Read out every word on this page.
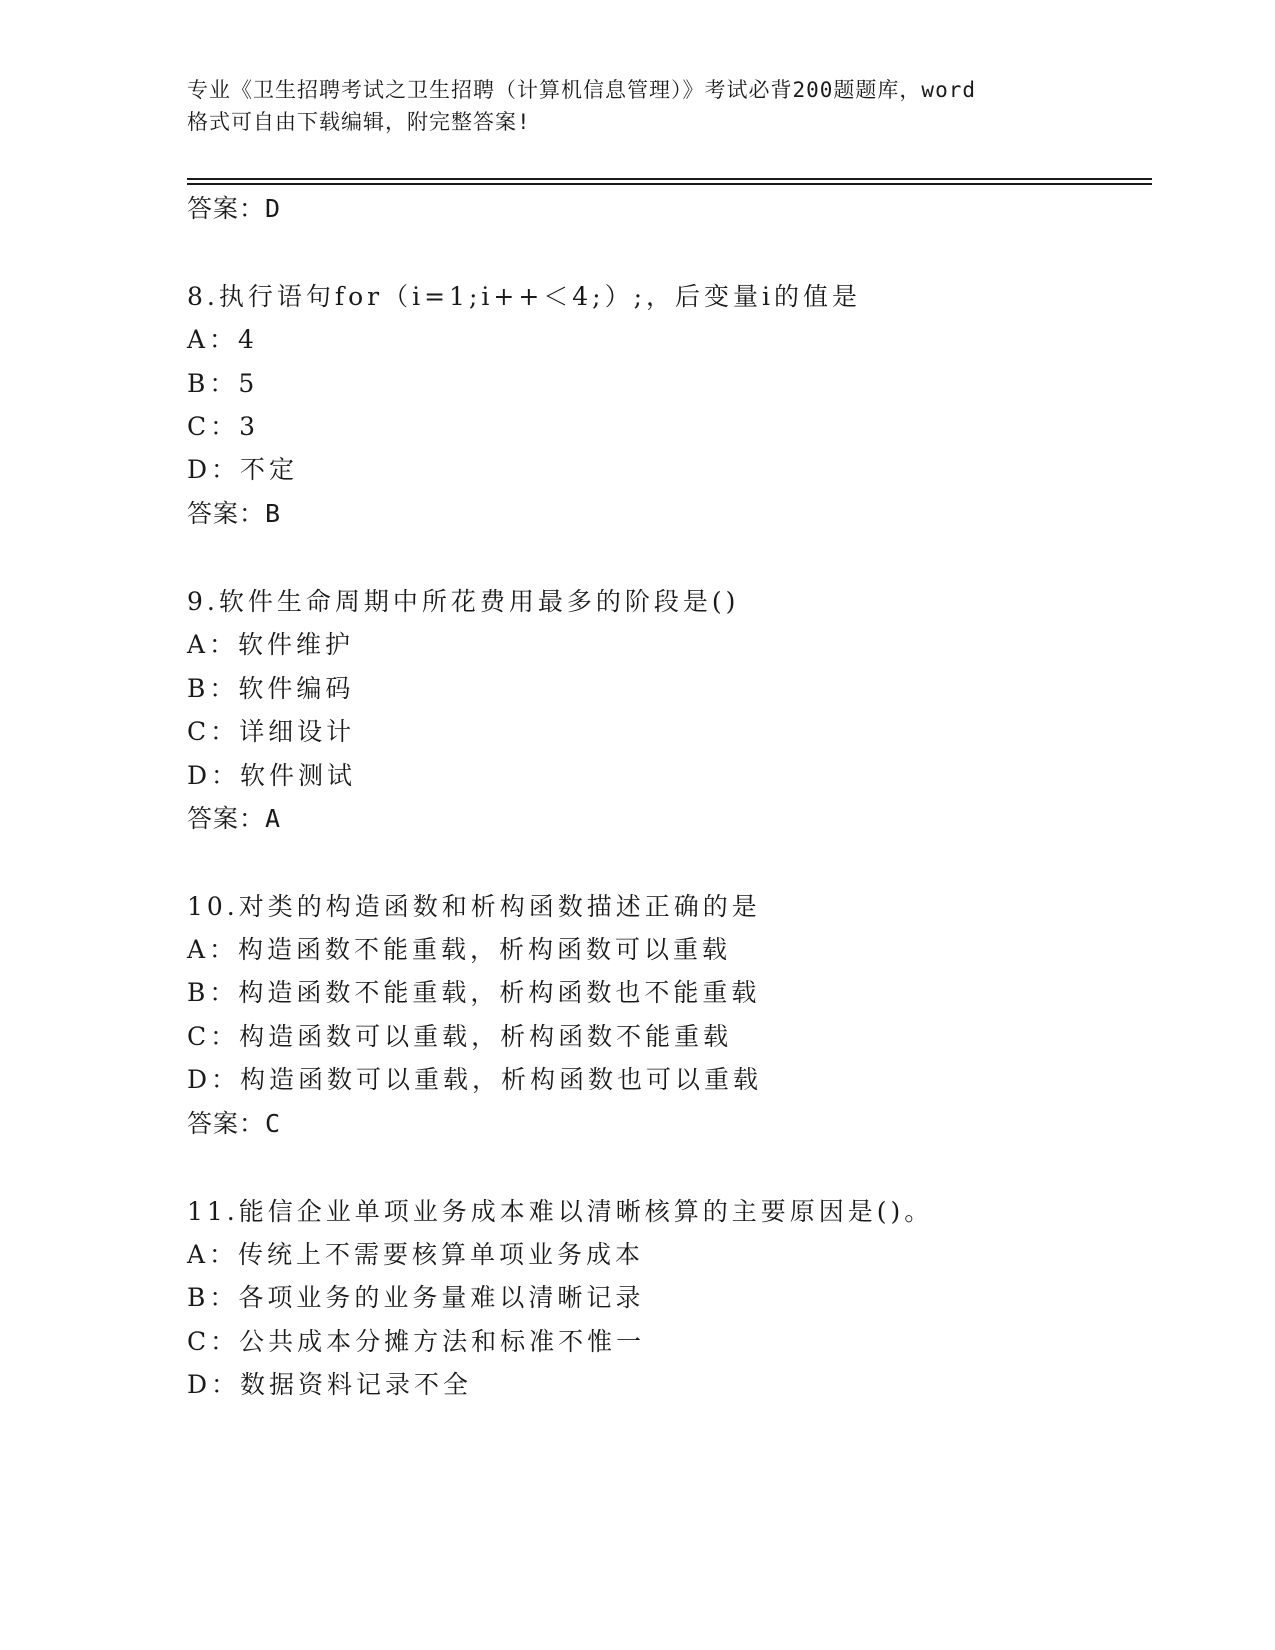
专业《卫生招聘考试之卫生招聘（计算机信息管理）》考试必背200题题库，word
格式可自由下载编辑，附完整答案!
答案：D
8.执行语句for（i=1;i++＜4;）;，后变量i的值是
A：4
B：5
C：3
D：不定
答案：B
9.软件生命周期中所花费用最多的阶段是()
A：软件维护
B：软件编码
C：详细设计
D：软件测试
答案：A
10.对类的构造函数和析构函数描述正确的是
A：构造函数不能重载，析构函数可以重载
B：构造函数不能重载，析构函数也不能重载
C：构造函数可以重载，析构函数不能重载
D：构造函数可以重载，析构函数也可以重载
答案：C
11.能信企业单项业务成本难以清晰核算的主要原因是()。
A：传统上不需要核算单项业务成本
B：各项业务的业务量难以清晰记录
C：公共成本分摊方法和标准不惟一
D：数据资料记录不全
